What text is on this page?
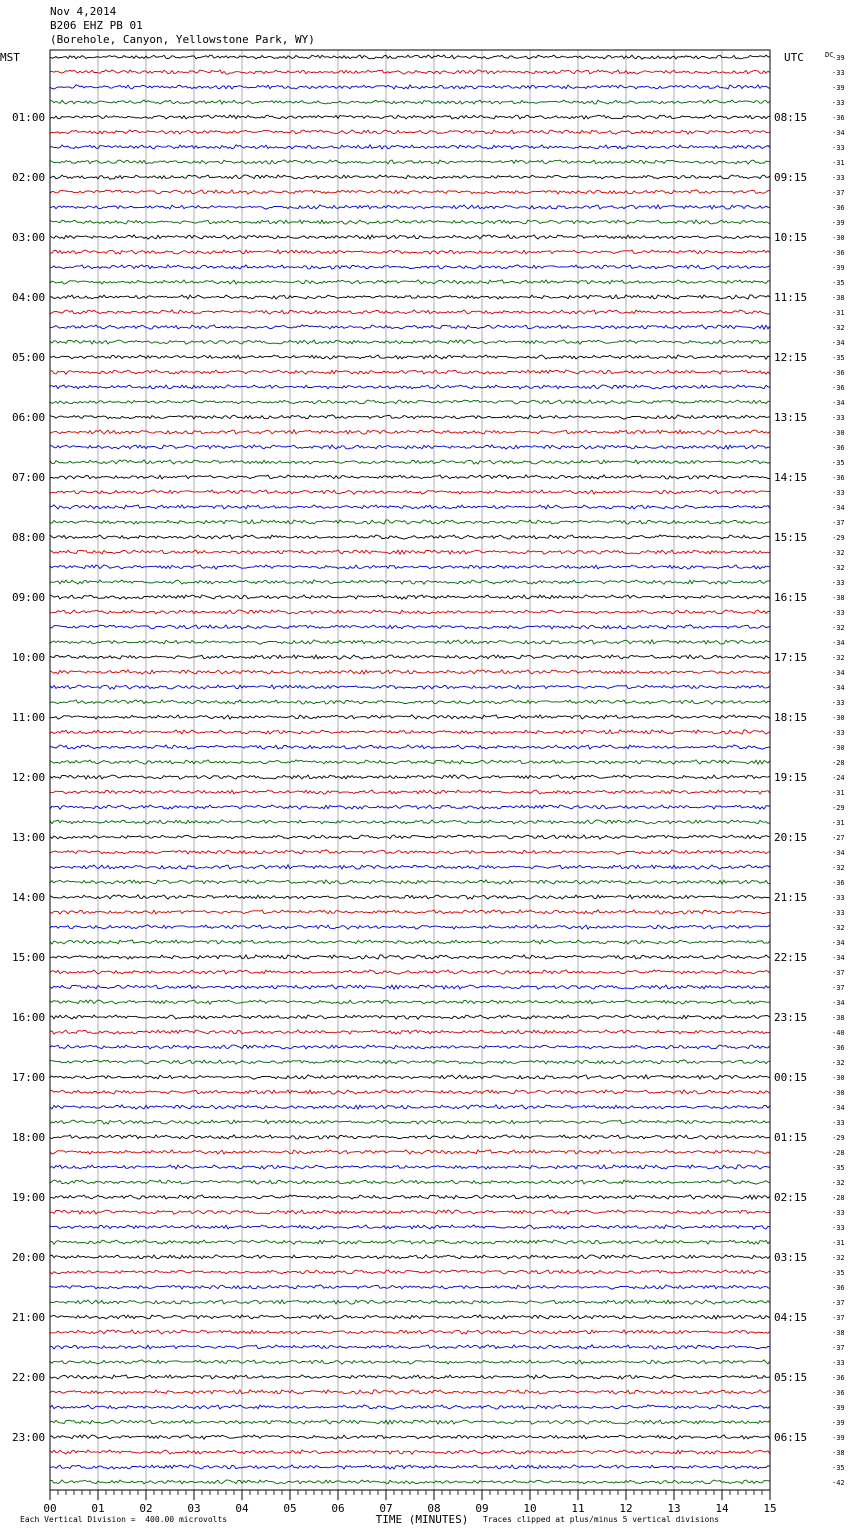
Nov 4,2014
B206 EHZ PB 01
(Borehole, Canyon, Yellowstone Park, WY)
-39
-33
-39
-33
-36
-34
-33
-31
-33
-37
-36
-39
-30
-36
-39
-35
-38
-31
-32
-34
-35
-36
-36
-34
-33
-30
-36
-35
-36
-33
-34
-37
-29
-32
-32
-33
-38
-33
-32
-34
-32
-34
-34
-33
-30
-33
-30
-28
-24
-31
-29
-31
-27
-34
-32
-36
-33
-33
-32
-34
-34
-37
-37
-34
-38
-40
-36
-32
-30
-30
-34
-33
-29
-28
-35
-32
-28
-33
-33
-31
-32
-35
-36
-37
-37
-38
-37
-33
-36
-36
-39
-39
-39
-38
-35
-42
MST	UTC	DC
01:00
02:00
03:00
04:00
05:00
06:00
07:00
08:00
09:00
10:00
11:00
12:00
13:00
14:00
15:00
16:00
17:00
18:00
19:00
20:00
21:00
22:00
23:00
08:15
09:15
10:15
11:15
12:15
13:15
14:15
15:15
16:15
17:15
18:15
19:15
20:15
21:15
22:15
23:15
00:15
01:15
02:15
03:15
04:15
05:15
06:15
00	01	02	03	04	05	06	07	08	09	10	11	12	13	14	15
TIME (MINUTES)
Each Vertical Division =  400.00 microvolts	Traces clipped at plus/minus 5 vertical divisions
